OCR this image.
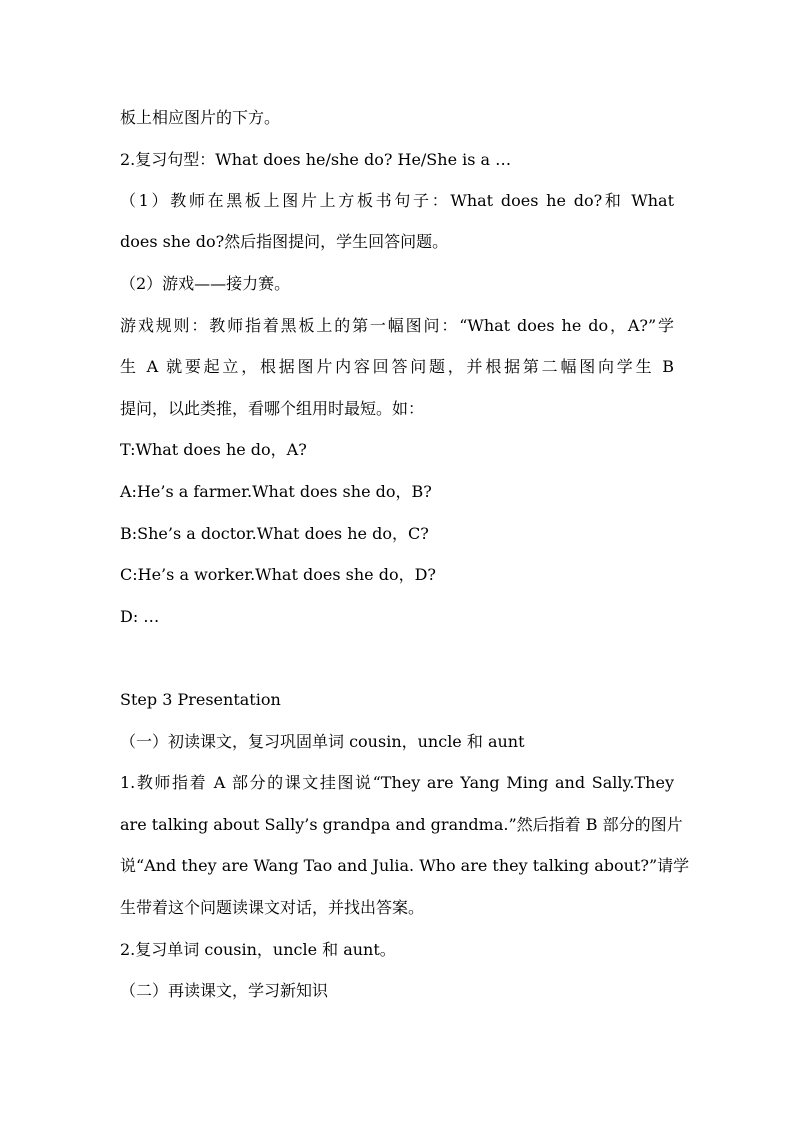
板上相应图片的下方。
2.复习句型：What does he/she do? He/She is a …
（1）教师在黑板上图片上方板书句子：What does he do?和 What
does she do?然后指图提问，学生回答问题。
（2）游戏——接力赛。
游戏规则：教师指着黑板上的第一幅图问：“What does he do，A?”学
生 A 就要起立，根据图片内容回答问题，并根据第二幅图向学生 B
提问，以此类推，看哪个组用时最短。如：
T:What does he do，A?
A:He’s a farmer.What does she do，B?
B:She’s a doctor.What does he do，C?
C:He’s a worker.What does she do，D?
D: …
Step 3 Presentation
（一）初读课文，复习巩固单词 cousin，uncle 和 aunt
1.教师指着 A 部分的课文挂图说“They are Yang Ming and Sally.They
are talking about Sally’s grandpa and grandma.”然后指着 B 部分的图片
说“And they are Wang Tao and Julia. Who are they talking about?”请学
生带着这个问题读课文对话，并找出答案。
2.复习单词 cousin，uncle 和 aunt。
（二）再读课文，学习新知识
